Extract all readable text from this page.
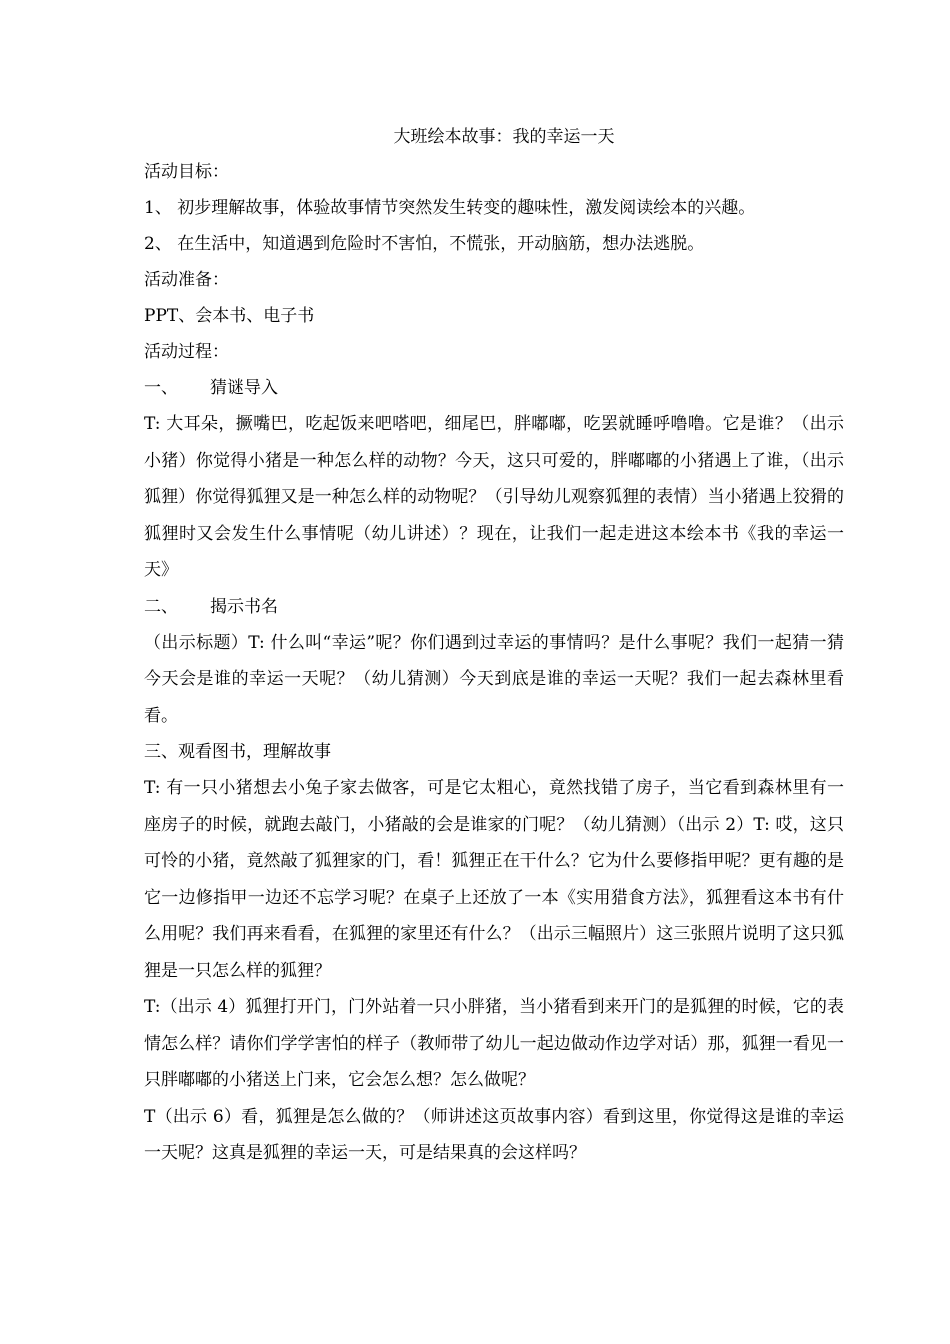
大班绘本故事：我的幸运一天

活动目标：

1、 初步理解故事，体验故事情节突然发生转变的趣味性，激发阅读绘本的兴趣。

2、 在生活中，知道遇到危险时不害怕，不慌张，开动脑筋，想办法逃脱。

活动准备：

PPT、会本书、电子书

活动过程：

一、 猜谜导入

T: 大耳朵，撅嘴巴，吃起饭来吧嗒吧，细尾巴，胖嘟嘟，吃罢就睡呼噜噜。它是谁？（出示小猪）你觉得小猪是一种怎么样的动物？今天，这只可爱的，胖嘟嘟的小猪遇上了谁，（出示狐狸）你觉得狐狸又是一种怎么样的动物呢？（引导幼儿观察狐狸的表情）当小猪遇上狡猾的狐狸时又会发生什么事情呢（幼儿讲述）？现在，让我们一起走进这本绘本书《我的幸运一天》

二、 揭示书名

（出示标题）T: 什么叫“幸运”呢？你们遇到过幸运的事情吗？是什么事呢？我们一起猜一猜今天会是谁的幸运一天呢？（幼儿猜测）今天到底是谁的幸运一天呢？我们一起去森林里看看。

三、观看图书，理解故事

T: 有一只小猪想去小兔子家去做客，可是它太粗心，竟然找错了房子，当它看到森林里有一座房子的时候，就跑去敲门，小猪敲的会是谁家的门呢？（幼儿猜测）（出示 2）T: 哎，这只可怜的小猪，竟然敲了狐狸家的门，看！狐狸正在干什么？它为什么要修指甲呢？更有趣的是它一边修指甲一边还不忘学习呢？在桌子上还放了一本《实用猎食方法》，狐狸看这本书有什么用呢？我们再来看看，在狐狸的家里还有什么？（出示三幅照片）这三张照片说明了这只狐狸是一只怎么样的狐狸？

T:（出示 4）狐狸打开门，门外站着一只小胖猪，当小猪看到来开门的是狐狸的时候，它的表情怎么样？请你们学学害怕的样子（教师带了幼儿一起边做动作边学对话）那，狐狸一看见一只胖嘟嘟的小猪送上门来，它会怎么想？怎么做呢？

T（出示 6）看，狐狸是怎么做的？（师讲述这页故事内容）看到这里，你觉得这是谁的幸运一天呢？这真是狐狸的幸运一天，可是结果真的会这样吗？
